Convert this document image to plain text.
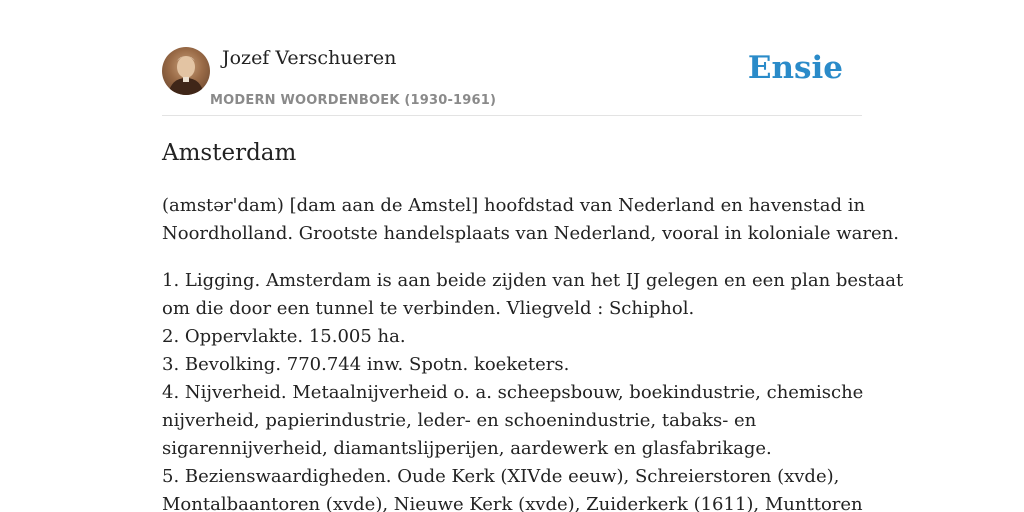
Jozef Verschueren
MODERN WOORDENBOEK (1930-1961)
Ensie
Amsterdam

(amstər'dam) [dam aan de Amstel] hoofdstad van Nederland en havenstad in
Noordholland. Grootste handelsplaats van Nederland, vooral in koloniale waren.

1. Ligging. Amsterdam is aan beide zijden van het IJ gelegen en een plan bestaat
om die door een tunnel te verbinden. Vliegveld : Schiphol.
2. Oppervlakte. 15.005 ha.
3. Bevolking. 770.744 inw. Spotn. koeketers.
4. Nijverheid. Metaalnijverheid o. a. scheepsbouw, boekindustrie, chemische
nijverheid, papierindustrie, leder- en schoenindustrie, tabaks- en
sigarennijverheid, diamantslijperijen, aardewerk en glasfabrikage.
5. Bezienswaardigheden. Oude Kerk (XIVde eeuw), Schreierstoren (xvde),
Montalbaantoren (xvde), Nieuwe Kerk (xvde), Zuiderkerk (1611), Munttoren
